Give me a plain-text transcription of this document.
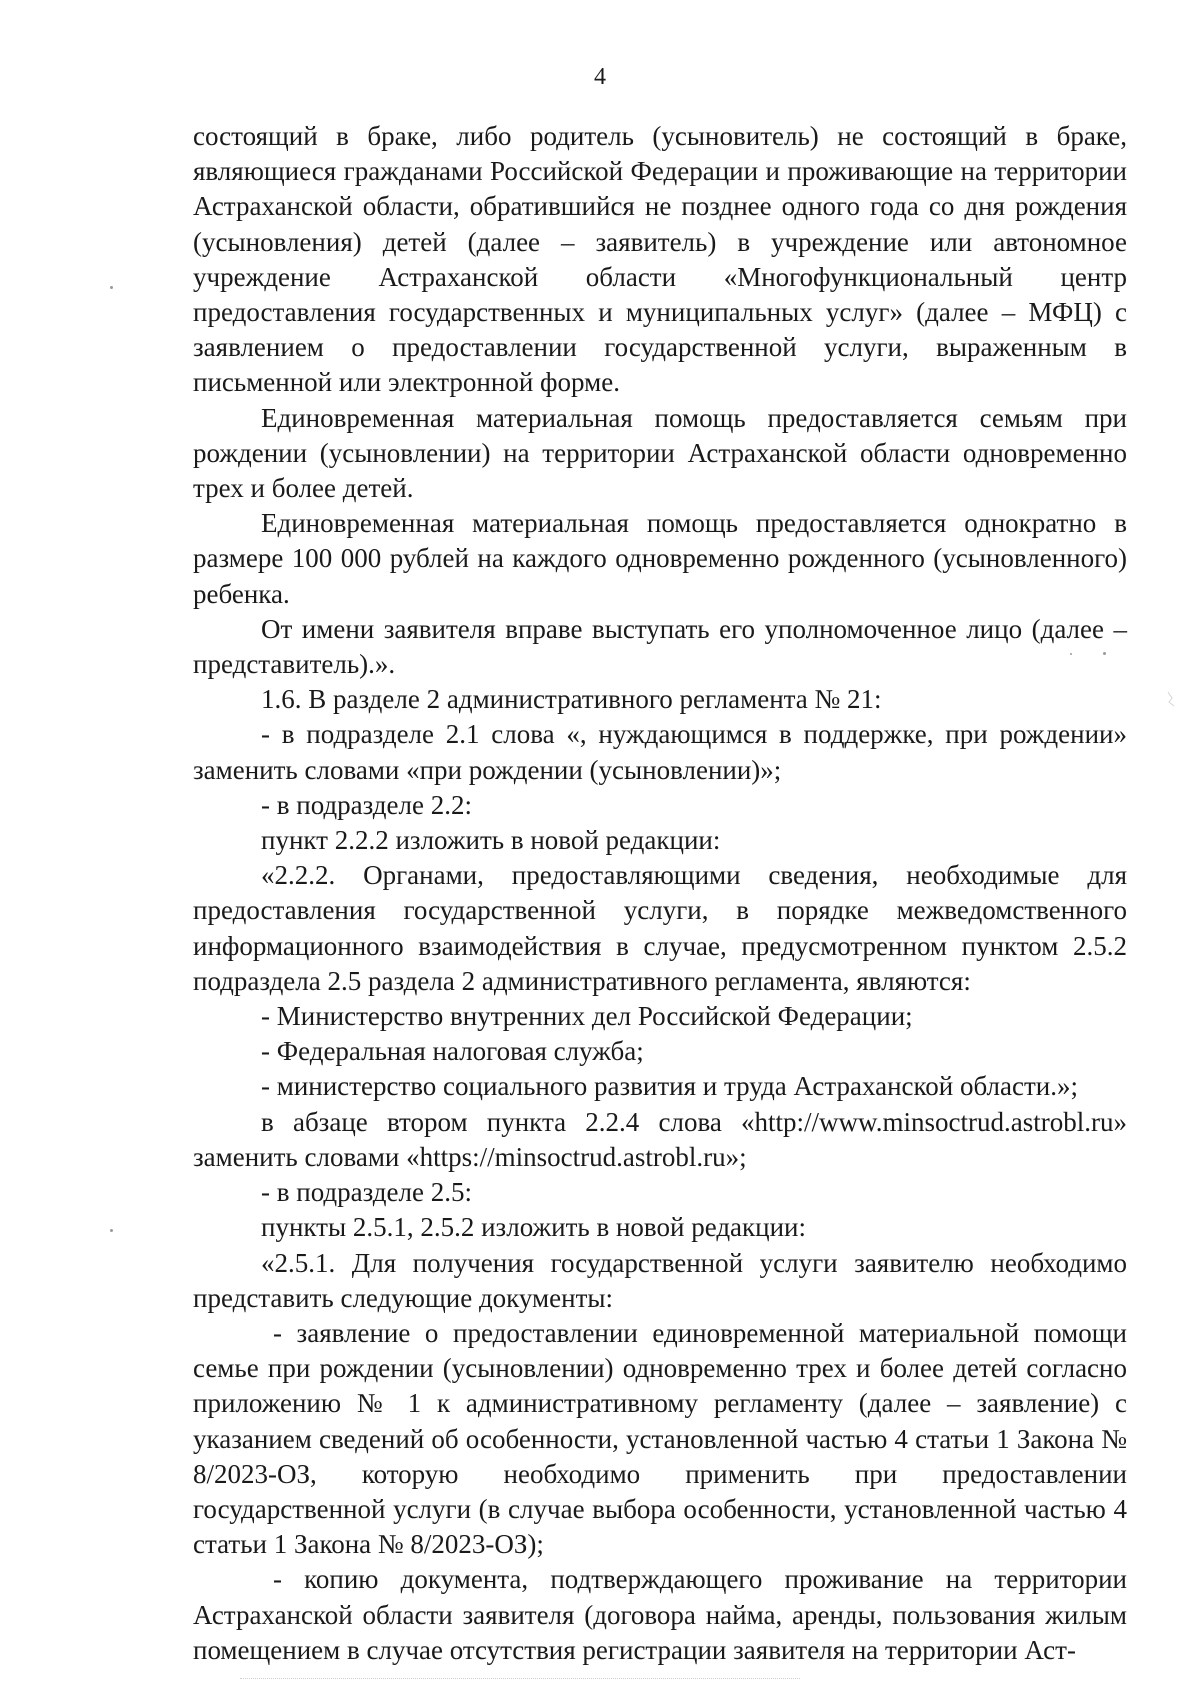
4

состоящий в браке, либо родитель (усыновитель) не состоящий в браке, являющиеся гражданами Российской Федерации и проживающие на территории Астраханской области, обратившийся не позднее одного года со дня рождения (усыновления) детей (далее – заявитель) в учреждение или автономное учреждение Астраханской области «Многофункциональный центр предоставления государственных и муниципальных услуг» (далее – МФЦ) с заявлением о предоставлении государственной услуги, выраженным в письменной или электронной форме.

Единовременная материальная помощь предоставляется семьям при рождении (усыновлении) на территории Астраханской области одновременно трех и более детей.

Единовременная материальная помощь предоставляется однократно в размере 100 000 рублей на каждого одновременно рожденного (усыновленного) ребенка.

От имени заявителя вправе выступать его уполномоченное лицо (далее – представитель).».

1.6. В разделе 2 административного регламента № 21:

- в подразделе 2.1 слова «, нуждающимся в поддержке, при рождении» заменить словами «при рождении (усыновлении)»;

- в подразделе 2.2:

пункт 2.2.2 изложить в новой редакции:

«2.2.2. Органами, предоставляющими сведения, необходимые для предоставления государственной услуги, в порядке межведомственного информационного взаимодействия в случае, предусмотренном пунктом 2.5.2 подраздела 2.5 раздела 2 административного регламента, являются:

- Министерство внутренних дел Российской Федерации;

- Федеральная налоговая служба;

- министерство социального развития и труда Астраханской области.»;

в абзаце втором пункта 2.2.4 слова «http://www.minsoctrud.astrobl.ru» заменить словами «https://minsoctrud.astrobl.ru»;

- в подразделе 2.5:

пункты 2.5.1, 2.5.2 изложить в новой редакции:

«2.5.1. Для получения государственной услуги заявителю необходимо представить следующие документы:

- заявление о предоставлении единовременной материальной помощи семье при рождении (усыновлении) одновременно трех и более детей согласно приложению № 1 к административному регламенту (далее – заявление) с указанием сведений об особенности, установленной частью 4 статьи 1 Закона № 8/2023-ОЗ, которую необходимо применить при предоставлении государственной услуги (в случае выбора особенности, установленной частью 4 статьи 1 Закона № 8/2023-ОЗ);

- копию документа, подтверждающего проживание на территории Астраханской области заявителя (договора найма, аренды, пользования жилым помещением в случае отсутствия регистрации заявителя на территории Аст-
